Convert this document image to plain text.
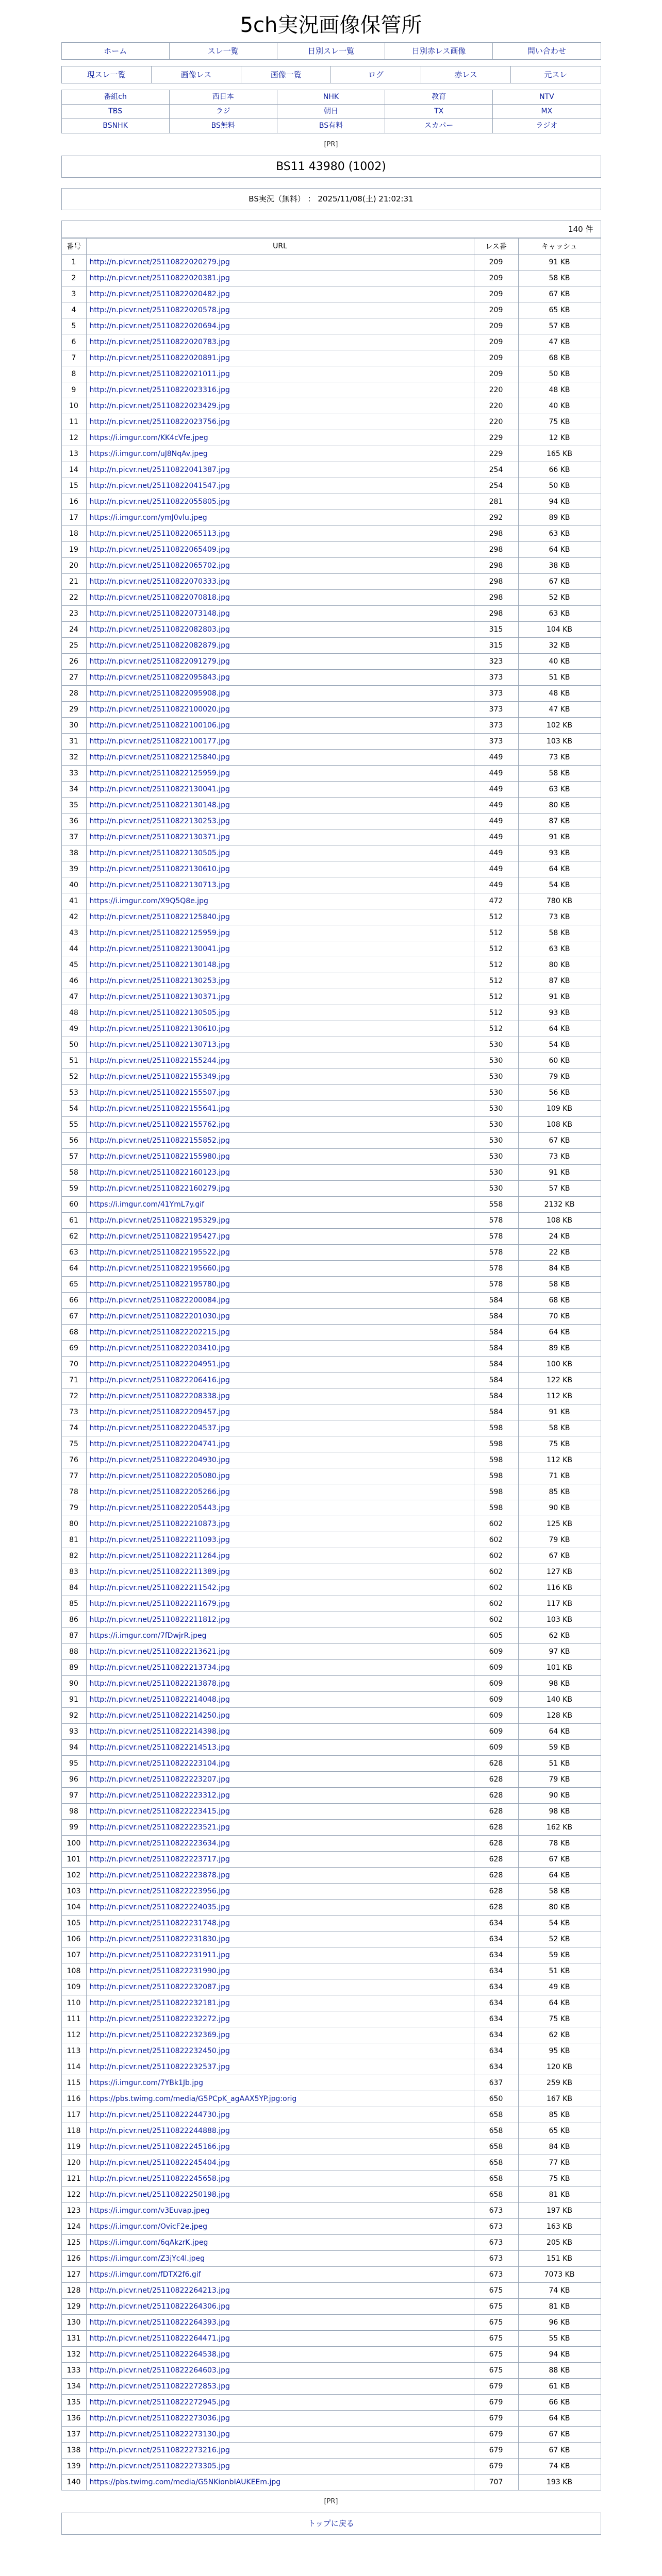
5ch実況画像保管所
ホーム	スレ一覧	日別スレ一覧	日別赤レス画像	問い合わせ
現スレ一覧	画像レス	画像一覧	ログ	赤レス	元スレ
番組ch	西日本	NHK	教育	NTV

TBS	ラジ	朝日	TX	MX

BSNHK	BS無料	BS有料	スカパー	ラジオ
[PR]
BS11 43980 (1002)
BS実況（無料） ： 2025/11/08(土) 21:02:31
140 件
番号	URL	レス番	キャッシュ
1	http://n.picvr.net/25110822020279.jpg	209	91 KB
2	http://n.picvr.net/25110822020381.jpg	209	58 KB
3	http://n.picvr.net/25110822020482.jpg	209	67 KB
4	http://n.picvr.net/25110822020578.jpg	209	65 KB
5	http://n.picvr.net/25110822020694.jpg	209	57 KB
6	http://n.picvr.net/25110822020783.jpg	209	47 KB
7	http://n.picvr.net/25110822020891.jpg	209	68 KB
8	http://n.picvr.net/25110822021011.jpg	209	50 KB
9	http://n.picvr.net/25110822023316.jpg	220	48 KB
10	http://n.picvr.net/25110822023429.jpg	220	40 KB
11	http://n.picvr.net/25110822023756.jpg	220	75 KB
12	https://i.imgur.com/KK4cVfe.jpeg	229	12 KB
13	https://i.imgur.com/uJ8NqAv.jpeg	229	165 KB
14	http://n.picvr.net/25110822041387.jpg	254	66 KB
15	http://n.picvr.net/25110822041547.jpg	254	50 KB
16	http://n.picvr.net/25110822055805.jpg	281	94 KB
17	https://i.imgur.com/ymJ0vlu.jpeg	292	89 KB
18	http://n.picvr.net/25110822065113.jpg	298	63 KB
19	http://n.picvr.net/25110822065409.jpg	298	64 KB
20	http://n.picvr.net/25110822065702.jpg	298	38 KB
21	http://n.picvr.net/25110822070333.jpg	298	67 KB
22	http://n.picvr.net/25110822070818.jpg	298	52 KB
23	http://n.picvr.net/25110822073148.jpg	298	63 KB
24	http://n.picvr.net/25110822082803.jpg	315	104 KB
25	http://n.picvr.net/25110822082879.jpg	315	32 KB
26	http://n.picvr.net/25110822091279.jpg	323	40 KB
27	http://n.picvr.net/25110822095843.jpg	373	51 KB
28	http://n.picvr.net/25110822095908.jpg	373	48 KB
29	http://n.picvr.net/25110822100020.jpg	373	47 KB
30	http://n.picvr.net/25110822100106.jpg	373	102 KB
31	http://n.picvr.net/25110822100177.jpg	373	103 KB
32	http://n.picvr.net/25110822125840.jpg	449	73 KB
33	http://n.picvr.net/25110822125959.jpg	449	58 KB
34	http://n.picvr.net/25110822130041.jpg	449	63 KB
35	http://n.picvr.net/25110822130148.jpg	449	80 KB
36	http://n.picvr.net/25110822130253.jpg	449	87 KB
37	http://n.picvr.net/25110822130371.jpg	449	91 KB
38	http://n.picvr.net/25110822130505.jpg	449	93 KB
39	http://n.picvr.net/25110822130610.jpg	449	64 KB
40	http://n.picvr.net/25110822130713.jpg	449	54 KB
41	https://i.imgur.com/X9Q5Q8e.jpg	472	780 KB
42	http://n.picvr.net/25110822125840.jpg	512	73 KB
43	http://n.picvr.net/25110822125959.jpg	512	58 KB
44	http://n.picvr.net/25110822130041.jpg	512	63 KB
45	http://n.picvr.net/25110822130148.jpg	512	80 KB
46	http://n.picvr.net/25110822130253.jpg	512	87 KB
47	http://n.picvr.net/25110822130371.jpg	512	91 KB
48	http://n.picvr.net/25110822130505.jpg	512	93 KB
49	http://n.picvr.net/25110822130610.jpg	512	64 KB
50	http://n.picvr.net/25110822130713.jpg	530	54 KB
51	http://n.picvr.net/25110822155244.jpg	530	60 KB
52	http://n.picvr.net/25110822155349.jpg	530	79 KB
53	http://n.picvr.net/25110822155507.jpg	530	56 KB
54	http://n.picvr.net/25110822155641.jpg	530	109 KB
55	http://n.picvr.net/25110822155762.jpg	530	108 KB
56	http://n.picvr.net/25110822155852.jpg	530	67 KB
57	http://n.picvr.net/25110822155980.jpg	530	73 KB
58	http://n.picvr.net/25110822160123.jpg	530	91 KB
59	http://n.picvr.net/25110822160279.jpg	530	57 KB
60	https://i.imgur.com/41YmL7y.gif	558	2132 KB
61	http://n.picvr.net/25110822195329.jpg	578	108 KB
62	http://n.picvr.net/25110822195427.jpg	578	24 KB
63	http://n.picvr.net/25110822195522.jpg	578	22 KB
64	http://n.picvr.net/25110822195660.jpg	578	84 KB
65	http://n.picvr.net/25110822195780.jpg	578	58 KB
66	http://n.picvr.net/25110822200084.jpg	584	68 KB
67	http://n.picvr.net/25110822201030.jpg	584	70 KB
68	http://n.picvr.net/25110822202215.jpg	584	64 KB
69	http://n.picvr.net/25110822203410.jpg	584	89 KB
70	http://n.picvr.net/25110822204951.jpg	584	100 KB
71	http://n.picvr.net/25110822206416.jpg	584	122 KB
72	http://n.picvr.net/25110822208338.jpg	584	112 KB
73	http://n.picvr.net/25110822209457.jpg	584	91 KB
74	http://n.picvr.net/25110822204537.jpg	598	58 KB
75	http://n.picvr.net/25110822204741.jpg	598	75 KB
76	http://n.picvr.net/25110822204930.jpg	598	112 KB
77	http://n.picvr.net/25110822205080.jpg	598	71 KB
78	http://n.picvr.net/25110822205266.jpg	598	85 KB
79	http://n.picvr.net/25110822205443.jpg	598	90 KB
80	http://n.picvr.net/25110822210873.jpg	602	125 KB
81	http://n.picvr.net/25110822211093.jpg	602	79 KB
82	http://n.picvr.net/25110822211264.jpg	602	67 KB
83	http://n.picvr.net/25110822211389.jpg	602	127 KB
84	http://n.picvr.net/25110822211542.jpg	602	116 KB
85	http://n.picvr.net/25110822211679.jpg	602	117 KB
86	http://n.picvr.net/25110822211812.jpg	602	103 KB
87	https://i.imgur.com/7fDwjrR.jpeg	605	62 KB
88	http://n.picvr.net/25110822213621.jpg	609	97 KB
89	http://n.picvr.net/25110822213734.jpg	609	101 KB
90	http://n.picvr.net/25110822213878.jpg	609	98 KB
91	http://n.picvr.net/25110822214048.jpg	609	140 KB
92	http://n.picvr.net/25110822214250.jpg	609	128 KB
93	http://n.picvr.net/25110822214398.jpg	609	64 KB
94	http://n.picvr.net/25110822214513.jpg	609	59 KB
95	http://n.picvr.net/25110822223104.jpg	628	51 KB
96	http://n.picvr.net/25110822223207.jpg	628	79 KB
97	http://n.picvr.net/25110822223312.jpg	628	90 KB
98	http://n.picvr.net/25110822223415.jpg	628	98 KB
99	http://n.picvr.net/25110822223521.jpg	628	162 KB
100	http://n.picvr.net/25110822223634.jpg	628	78 KB
101	http://n.picvr.net/25110822223717.jpg	628	67 KB
102	http://n.picvr.net/25110822223878.jpg	628	64 KB
103	http://n.picvr.net/25110822223956.jpg	628	58 KB
104	http://n.picvr.net/25110822224035.jpg	628	80 KB
105	http://n.picvr.net/25110822231748.jpg	634	54 KB
106	http://n.picvr.net/25110822231830.jpg	634	52 KB
107	http://n.picvr.net/25110822231911.jpg	634	59 KB
108	http://n.picvr.net/25110822231990.jpg	634	51 KB
109	http://n.picvr.net/25110822232087.jpg	634	49 KB
110	http://n.picvr.net/25110822232181.jpg	634	64 KB
111	http://n.picvr.net/25110822232272.jpg	634	75 KB
112	http://n.picvr.net/25110822232369.jpg	634	62 KB
113	http://n.picvr.net/25110822232450.jpg	634	95 KB
114	http://n.picvr.net/25110822232537.jpg	634	120 KB
115	https://i.imgur.com/7YBk1Jb.jpg	637	259 KB
116	https://pbs.twimg.com/media/G5PCpK_agAAX5YP.jpg:orig	650	167 KB
117	http://n.picvr.net/25110822244730.jpg	658	85 KB
118	http://n.picvr.net/25110822244888.jpg	658	65 KB
119	http://n.picvr.net/25110822245166.jpg	658	84 KB
120	http://n.picvr.net/25110822245404.jpg	658	77 KB
121	http://n.picvr.net/25110822245658.jpg	658	75 KB
122	http://n.picvr.net/25110822250198.jpg	658	81 KB
123	https://i.imgur.com/v3Euvap.jpeg	673	197 KB
124	https://i.imgur.com/OvicF2e.jpeg	673	163 KB
125	https://i.imgur.com/6qAkzrK.jpeg	673	205 KB
126	https://i.imgur.com/Z3jYc4l.jpeg	673	151 KB
127	https://i.imgur.com/fDTX2f6.gif	673	7073 KB
128	http://n.picvr.net/25110822264213.jpg	675	74 KB
129	http://n.picvr.net/25110822264306.jpg	675	81 KB
130	http://n.picvr.net/25110822264393.jpg	675	96 KB
131	http://n.picvr.net/25110822264471.jpg	675	55 KB
132	http://n.picvr.net/25110822264538.jpg	675	94 KB
133	http://n.picvr.net/25110822264603.jpg	675	88 KB
134	http://n.picvr.net/25110822272853.jpg	679	61 KB
135	http://n.picvr.net/25110822272945.jpg	679	66 KB
136	http://n.picvr.net/25110822273036.jpg	679	64 KB
137	http://n.picvr.net/25110822273130.jpg	679	67 KB
138	http://n.picvr.net/25110822273216.jpg	679	67 KB
139	http://n.picvr.net/25110822273305.jpg	679	74 KB
140	https://pbs.twimg.com/media/G5NKionbIAUKEEm.jpg	707	193 KB
[PR]
トップに戻る
